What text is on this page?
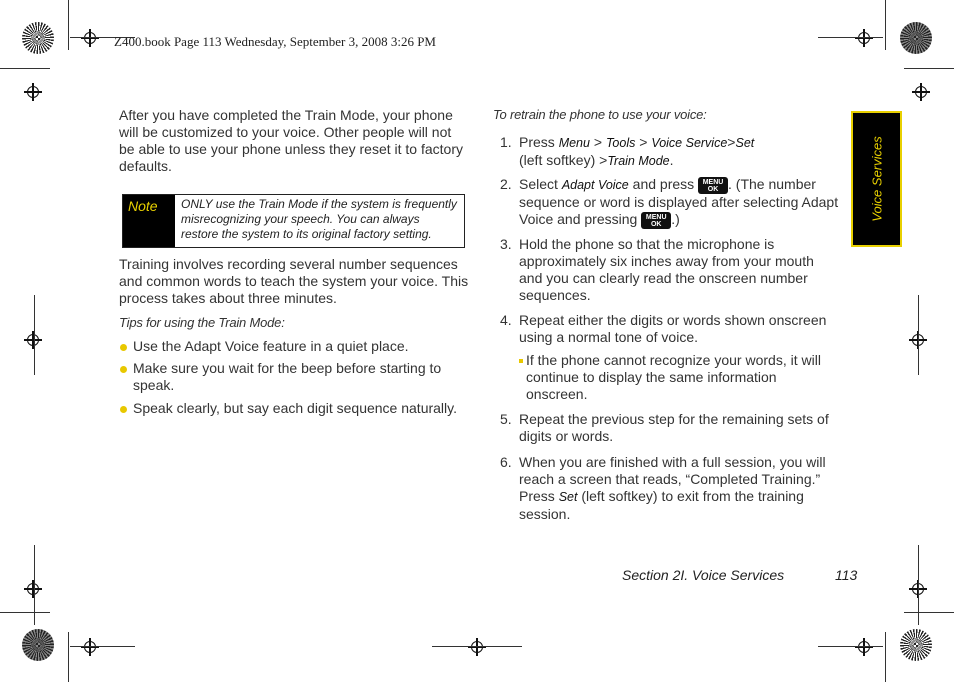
Z400.book Page 113 Wednesday, September 3, 2008 3:26 PM
After you have completed the Train Mode, your phone will be customized to your voice. Other people will not be able to use your phone unless they reset it to factory defaults.
Note	ONLY use the Train Mode if the system is frequently misrecognizing your speech. You can always restore the system to its original factory setting.
Training involves recording several number sequences and common words to teach the system your voice. This process takes about three minutes.
Tips for using the Train Mode:
Use the Adapt Voice feature in a quiet place.
Make sure you wait for the beep before starting to speak.
Speak clearly, but say each digit sequence naturally.
To retrain the phone to use your voice:
1. Press Menu > Tools > Voice Service>Set
(left softkey) >Train Mode.
2. Select Adapt Voice and press MENU
OK . (The number sequence or word is displayed after selecting Adapt Voice and pressing MENU
OK .)
3. Hold the phone so that the microphone is approximately six inches away from your mouth and you can clearly read the onscreen number sequences.
4. Repeat either the digits or words shown onscreen using a normal tone of voice.
If the phone cannot recognize your words, it will continue to display the same information onscreen.
5. Repeat the previous step for the remaining sets of digits or words.
6. When you are finished with a full session, you will reach a screen that reads, “Completed Training.” Press Set (left softkey) to exit from the training session.
Voice Services
Section 2I. Voice Services	113
